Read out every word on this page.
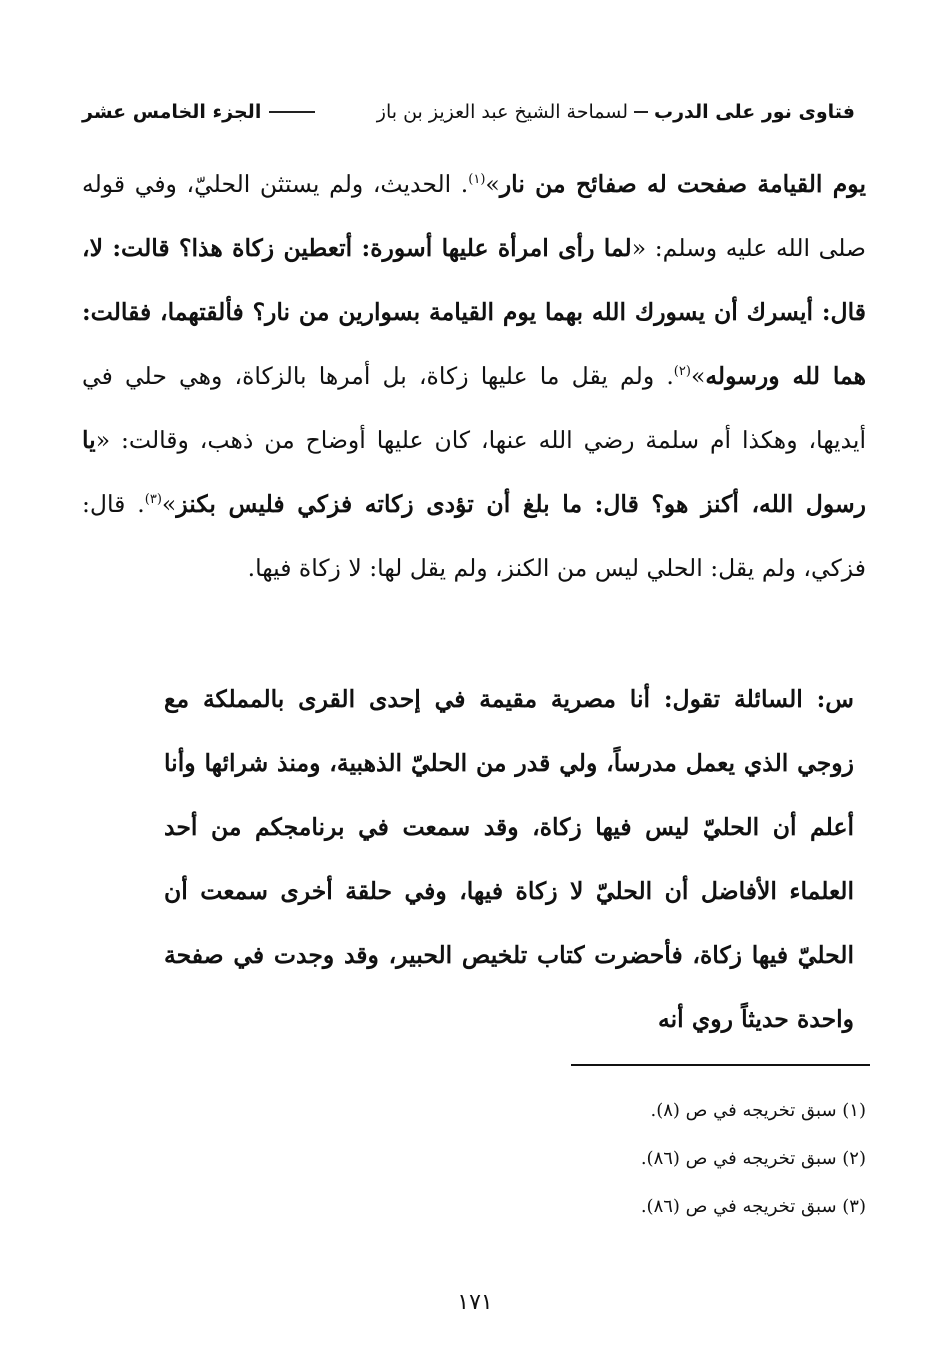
فتاوى نور على الدرب
لسماحة الشيخ عبد العزيز بن باز
الجزء الخامس عشر

يوم القيامة صفحت له صفائح من نار»$^{(١)}$. الحديث، ولم يستثن الحليّ، وفي قوله صلى الله عليه وسلم: «لما رأى امرأة عليها أسورة: أتعطين زكاة هذا؟ قالت: لا، قال: أيسرك أن يسورك الله بهما يوم القيامة بسوارين من نار؟ فألقتهما، فقالت: هما لله ورسوله»$^{(٢)}$. ولم يقل ما عليها زكاة، بل أمرها بالزكاة، وهي حلي في أيديها، وهكذا أم سلمة رضي الله عنها، كان عليها أوضاح من ذهب، وقالت: «يا رسول الله، أكنز هو؟ قال: ما بلغ أن تؤدى زكاته فزكي فليس بكنز»$^{(٣)}$. قال: فزكي، ولم يقل: الحلي ليس من الكنز، ولم يقل لها: لا زكاة فيها.

س: السائلة تقول: أنا مصرية مقيمة في إحدى القرى بالمملكة مع زوجي الذي يعمل مدرساً، ولي قدر من الحليّ الذهبية، ومنذ شرائها وأنا أعلم أن الحليّ ليس فيها زكاة، وقد سمعت في برنامجكم من أحد العلماء الأفاضل أن الحليّ لا زكاة فيها، وفي حلقة أخرى سمعت أن الحليّ فيها زكاة، فأحضرت كتاب تلخيص الحبير، وقد وجدت في صفحة واحدة حديثاً روي أنه

(١) سبق تخريجه في ص (٨).
(٢) سبق تخريجه في ص (٨٦).
(٣) سبق تخريجه في ص (٨٦).
١٧١
